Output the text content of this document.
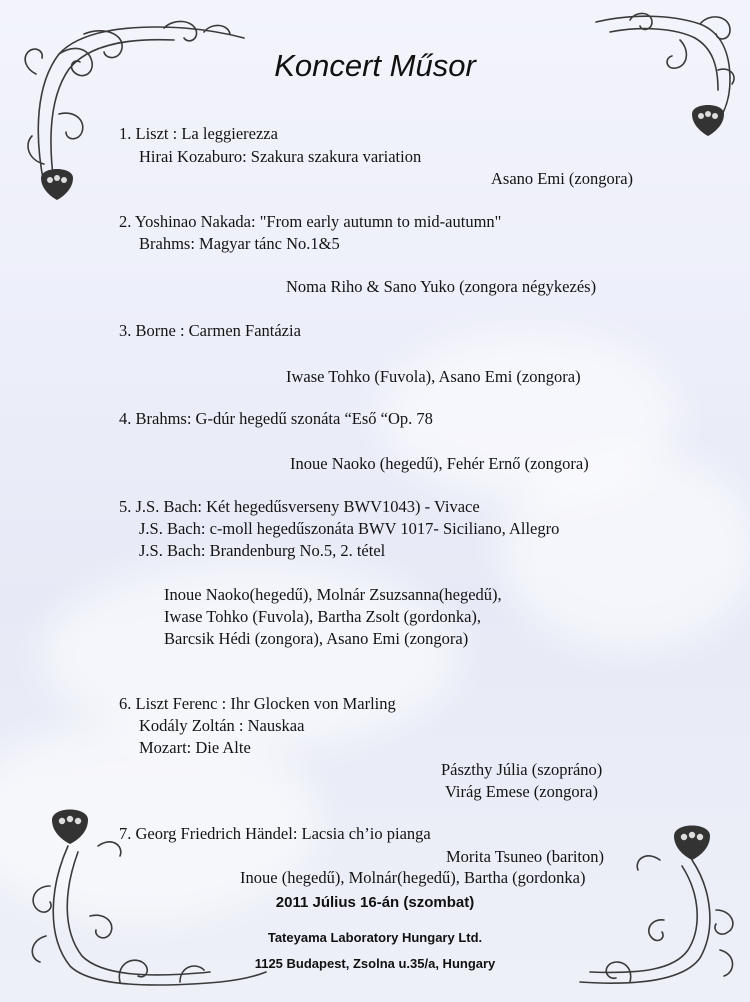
Koncert Műsor
1. Liszt : La leggierezza
Hirai Kozaburo: Szakura szakura variation
Asano Emi (zongora)
2. Yoshinao Nakada: "From early autumn to mid-autumn"
Brahms: Magyar tánc No.1&5
Noma Riho & Sano Yuko (zongora négykezés)
3. Borne : Carmen Fantázia
Iwase Tohko (Fuvola), Asano Emi (zongora)
4. Brahms: G-dúr hegedű szonáta “Eső “Op. 78
Inoue Naoko (hegedű), Fehér Ernő (zongora)
5. J.S. Bach: Két hegedűsverseny BWV1043) - Vivace
J.S. Bach: c-moll hegedűszonáta BWV 1017- Siciliano, Allegro
J.S. Bach: Brandenburg No.5, 2. tétel
Inoue Naoko(hegedű), Molnár Zsuzsanna(hegedű),
Iwase Tohko (Fuvola), Bartha Zsolt (gordonka),
Barcsik Hédi (zongora), Asano Emi (zongora)
6. Liszt Ferenc : Ihr Glocken von Marling
Kodály Zoltán : Nauskaa
Mozart: Die Alte
Pászthy Júlia (szopráno)
Virág Emese (zongora)
7. Georg Friedrich Händel: Lacsia ch’io pianga
Morita Tsuneo (bariton)
Inoue (hegedű), Molnár(hegedű), Bartha (gordonka)
2011 Július 16-án (szombat)
Tateyama Laboratory Hungary Ltd.
1125 Budapest, Zsolna u.35/a, Hungary
